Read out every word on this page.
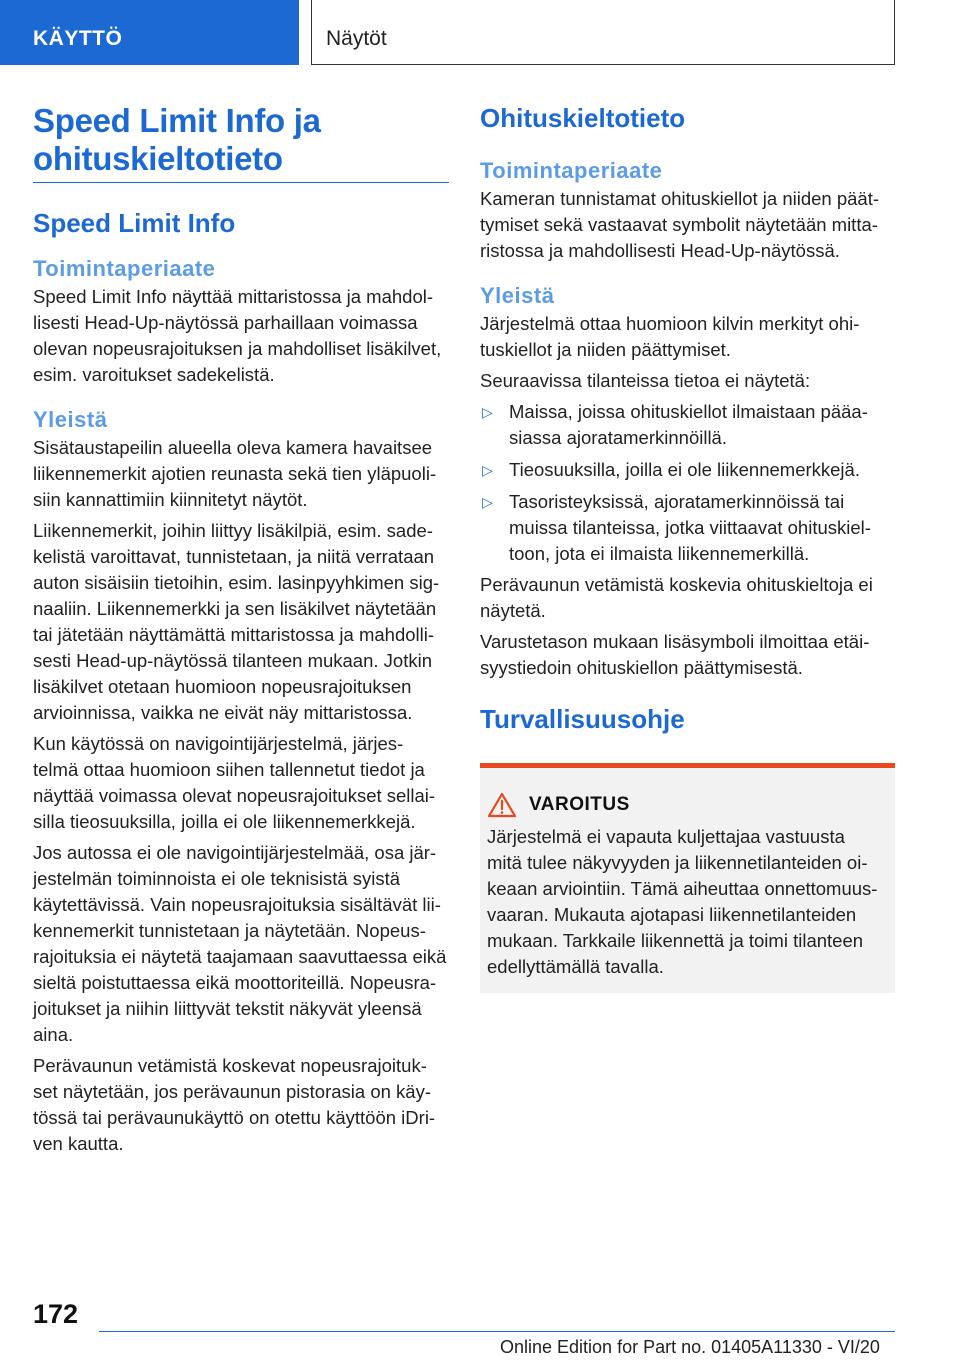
KÄYTTÖ	Näytöt
Speed Limit Info ja
ohituskieltotieto
Speed Limit Info
Toimintaperiaate
Speed Limit Info näyttää mittaristossa ja mahdol-
lisesti Head-Up-näytössä parhaillaan voimassa
olevan nopeusrajoituksen ja mahdolliset lisäkilvet,
esim. varoitukset sadekelistä.
Yleistä
Sisätaustapeilin alueella oleva kamera havaitsee
liikennemerkit ajotien reunasta sekä tien yläpuoli-
siin kannattimiin kiinnitetyt näytöt.
Liikennemerkit, joihin liittyy lisäkilpiä, esim. sade-
kelistä varoittavat, tunnistetaan, ja niitä verrataan
auton sisäisiin tietoihin, esim. lasinpyyhkimen sig-
naaliin. Liikennemerkki ja sen lisäkilvet näytetään
tai jätetään näyttämättä mittaristossa ja mahdolli-
sesti Head-up-näytössä tilanteen mukaan. Jotkin
lisäkilvet otetaan huomioon nopeusrajoituksen
arvioinnissa, vaikka ne eivät näy mittaristossa.
Kun käytössä on navigointijärjestelmä, järjes-
telmä ottaa huomioon siihen tallennetut tiedot ja
näyttää voimassa olevat nopeusrajoitukset sellai-
silla tieosuuksilla, joilla ei ole liikennemerkkejä.
Jos autossa ei ole navigointijärjestelmää, osa jär-
jestelmän toiminnoista ei ole teknisistä syistä
käytettävissä. Vain nopeusrajoituksia sisältävät lii-
kennemerkit tunnistetaan ja näytetään. Nopeus-
rajoituksia ei näytetä taajamaan saavuttaessa eikä
sieltä poistuttaessa eikä moottoriteillä. Nopeusra-
joitukset ja niihin liittyvät tekstit näkyvät yleensä
aina.
Perävaunun vetämistä koskevat nopeusrajoituk-
set näytetään, jos perävaunun pistorasia on käy-
tössä tai perävaunukäyttö on otettu käyttöön iDri-
ven kautta.
Ohituskieltotieto
Toimintaperiaate
Kameran tunnistamat ohituskiellot ja niiden päät-
tymiset sekä vastaavat symbolit näytetään mitta-
ristossa ja mahdollisesti Head-Up-näytössä.
Yleistä
Järjestelmä ottaa huomioon kilvin merkityt ohi-
tuskiellot ja niiden päättymiset.
Seuraavissa tilanteissa tietoa ei näytetä:
▷ Maissa, joissa ohituskiellot ilmaistaan pääa-
siassa ajoratamerkinnöillä.
▷ Tieosuuksilla, joilla ei ole liikennemerkkejä.
▷ Tasoristeyksissä, ajoratamerkinnöissä tai
muissa tilanteissa, jotka viittaavat ohituskiel-
toon, jota ei ilmaista liikennemerkillä.
Perävaunun vetämistä koskevia ohituskieltoja ei
näytetä.
Varustetason mukaan lisäsymboli ilmoittaa etäi-
syystiedoin ohituskiellon päättymisestä.
Turvallisuusohje
VAROITUS
Järjestelmä ei vapauta kuljettajaa vastuusta
mitä tulee näkyvyyden ja liikennetilanteiden oi-
keaan arviointiin. Tämä aiheuttaa onnettomuus-
vaaran. Mukauta ajotapasi liikennetilanteiden
mukaan. Tarkkaile liikennettä ja toimi tilanteen
edellyttämällä tavalla.
172
Online Edition for Part no. 01405A11330 - VI/20
